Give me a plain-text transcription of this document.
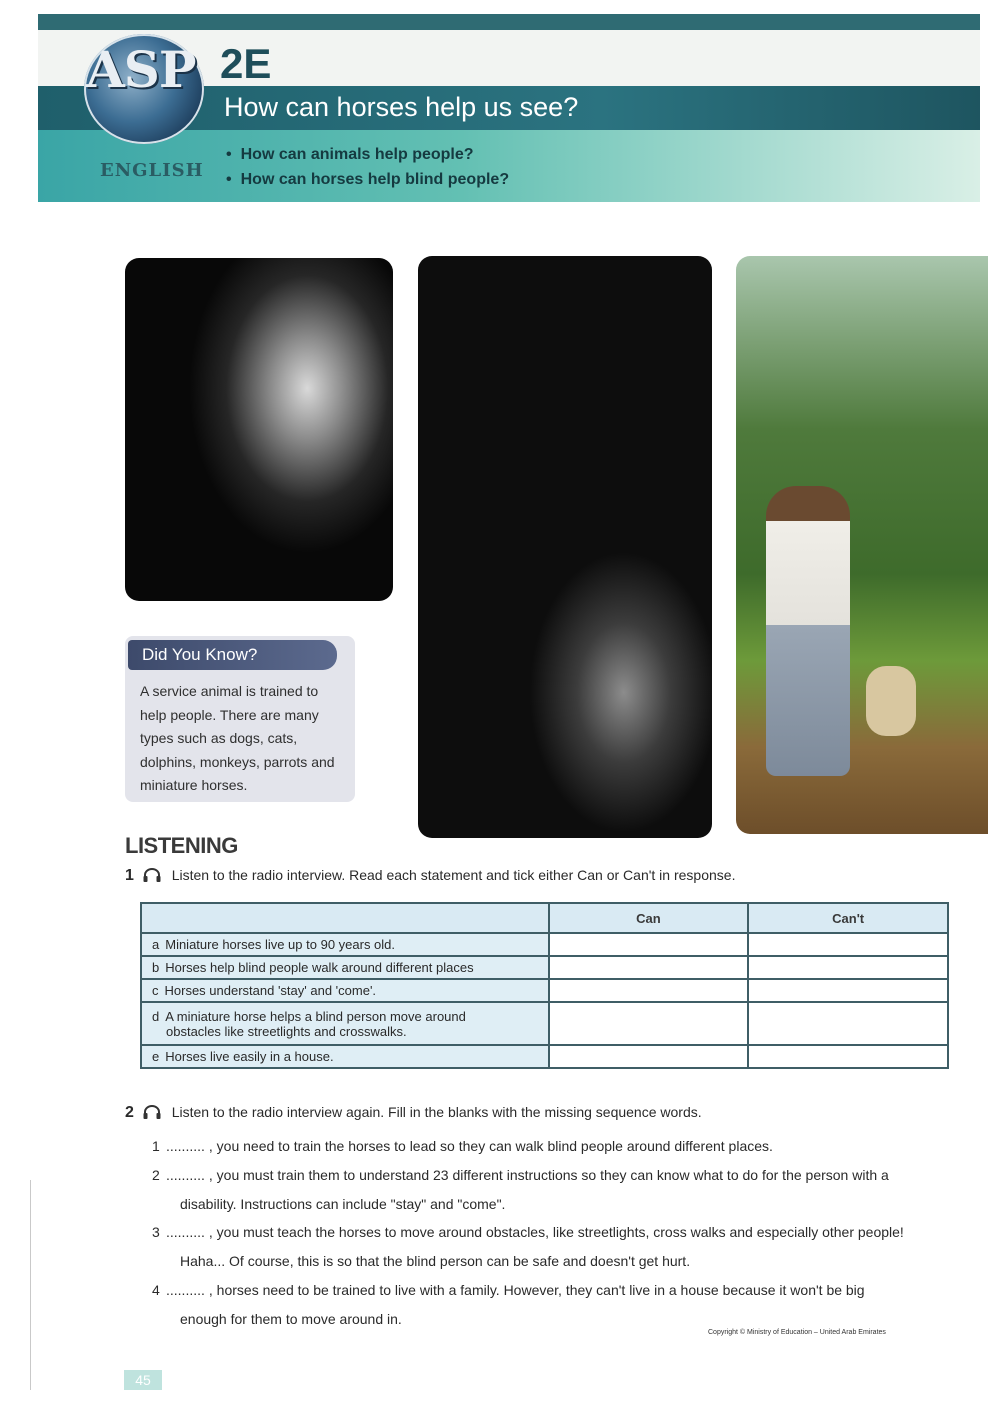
ASP
ENGLISH
2E
How can horses help us see?
• How can animals help people?
• How can horses help blind people?
Did You Know?
A service animal is trained to
help people. There are many
types such as dogs, cats,
dolphins, monkeys, parrots and
miniature horses.
LISTENING
1	Listen to the radio interview. Read each statement and tick either Can or Can't in response.
	Can	Can't
a Miniature horses live up to 90 years old.		
b Horses help blind people walk around different places		
c Horses understand 'stay' and 'come'.		
d A miniature horse helps a blind person move around
obstacles like streetlights and crosswalks.		
e Horses live easily in a house.		
2	Listen to the radio interview again. Fill in the blanks with the missing sequence words.
1 .......... , you need to train the horses to lead so they can walk blind people around different places.
2 .......... , you must train them to understand 23 different instructions so they can know what to do for the person with a
disability. Instructions can include "stay" and "come".
3 .......... , you must teach the horses to move around obstacles, like streetlights, cross walks and especially other people!
Haha... Of course, this is so that the blind person can be safe and doesn't get hurt.
4 .......... , horses need to be trained to live with a family. However, they can't live in a house because it won't be big
enough for them to move around in.
Copyright © Ministry of Education – United Arab Emirates
45
